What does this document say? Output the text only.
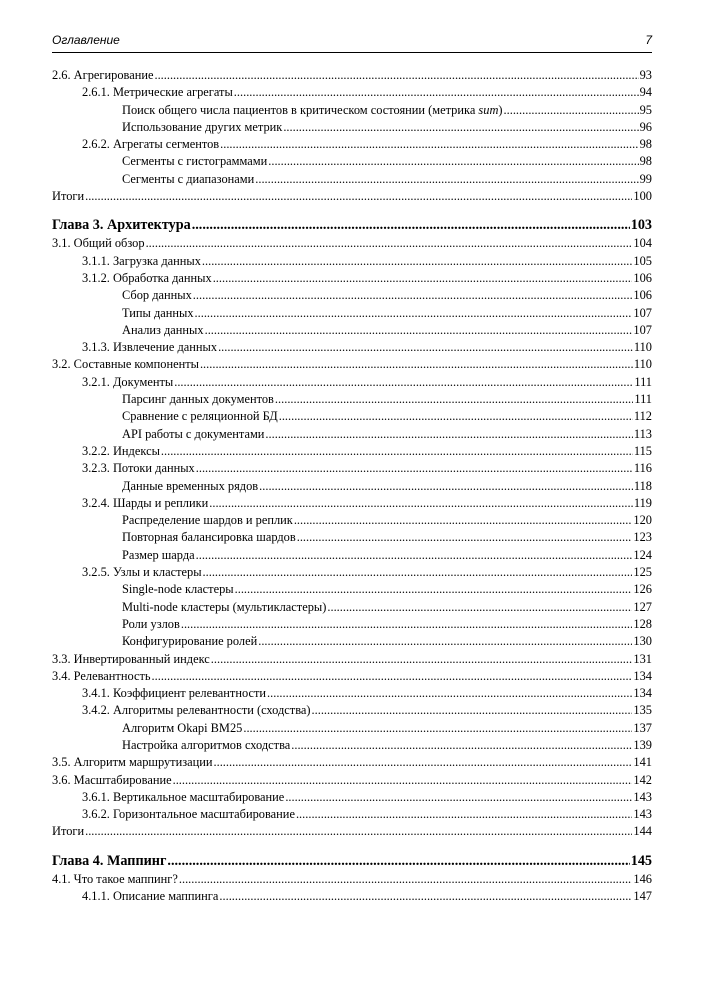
Оглавление	7
2.6. Агрегирование .....	93
2.6.1. Метрические агрегаты .....	94
Поиск общего числа пациентов в критическом состоянии (метрика sum) .....	95
Использование других метрик .....	96
2.6.2. Агрегаты сегментов .....	98
Сегменты с гистограммами .....	98
Сегменты с диапазонами .....	99
Итоги .....	100
Глава 3. Архитектура .....	103
3.1. Общий обзор .....	104
3.1.1. Загрузка данных .....	105
3.1.2. Обработка данных .....	106
Сбор данных .....	106
Типы данных .....	107
Анализ данных .....	107
3.1.3. Извлечение данных .....	110
3.2. Составные компоненты .....	110
3.2.1. Документы .....	111
Парсинг данных документов .....	111
Сравнение с реляционной БД .....	112
API работы с документами .....	113
3.2.2. Индексы .....	115
3.2.3. Потоки данных .....	116
Данные временных рядов .....	118
3.2.4. Шарды и реплики .....	119
Распределение шардов и реплик .....	120
Повторная балансировка шардов .....	123
Размер шарда .....	124
3.2.5. Узлы и кластеры .....	125
Single-node кластеры .....	126
Multi-node кластеры (мультикластеры) .....	127
Роли узлов .....	128
Конфигурирование ролей .....	130
3.3. Инвертированный индекс .....	131
3.4. Релевантность .....	134
3.4.1. Коэффициент релевантности .....	134
3.4.2. Алгоритмы релевантности (сходства) .....	135
Алгоритм Okapi BM25 .....	137
Настройка алгоритмов сходства .....	139
3.5. Алгоритм маршрутизации .....	141
3.6. Масштабирование .....	142
3.6.1. Вертикальное масштабирование .....	143
3.6.2. Горизонтальное масштабирование .....	143
Итоги .....	144
Глава 4. Маппинг .....	145
4.1. Что такое маппинг? .....	146
4.1.1. Описание маппинга .....	147
